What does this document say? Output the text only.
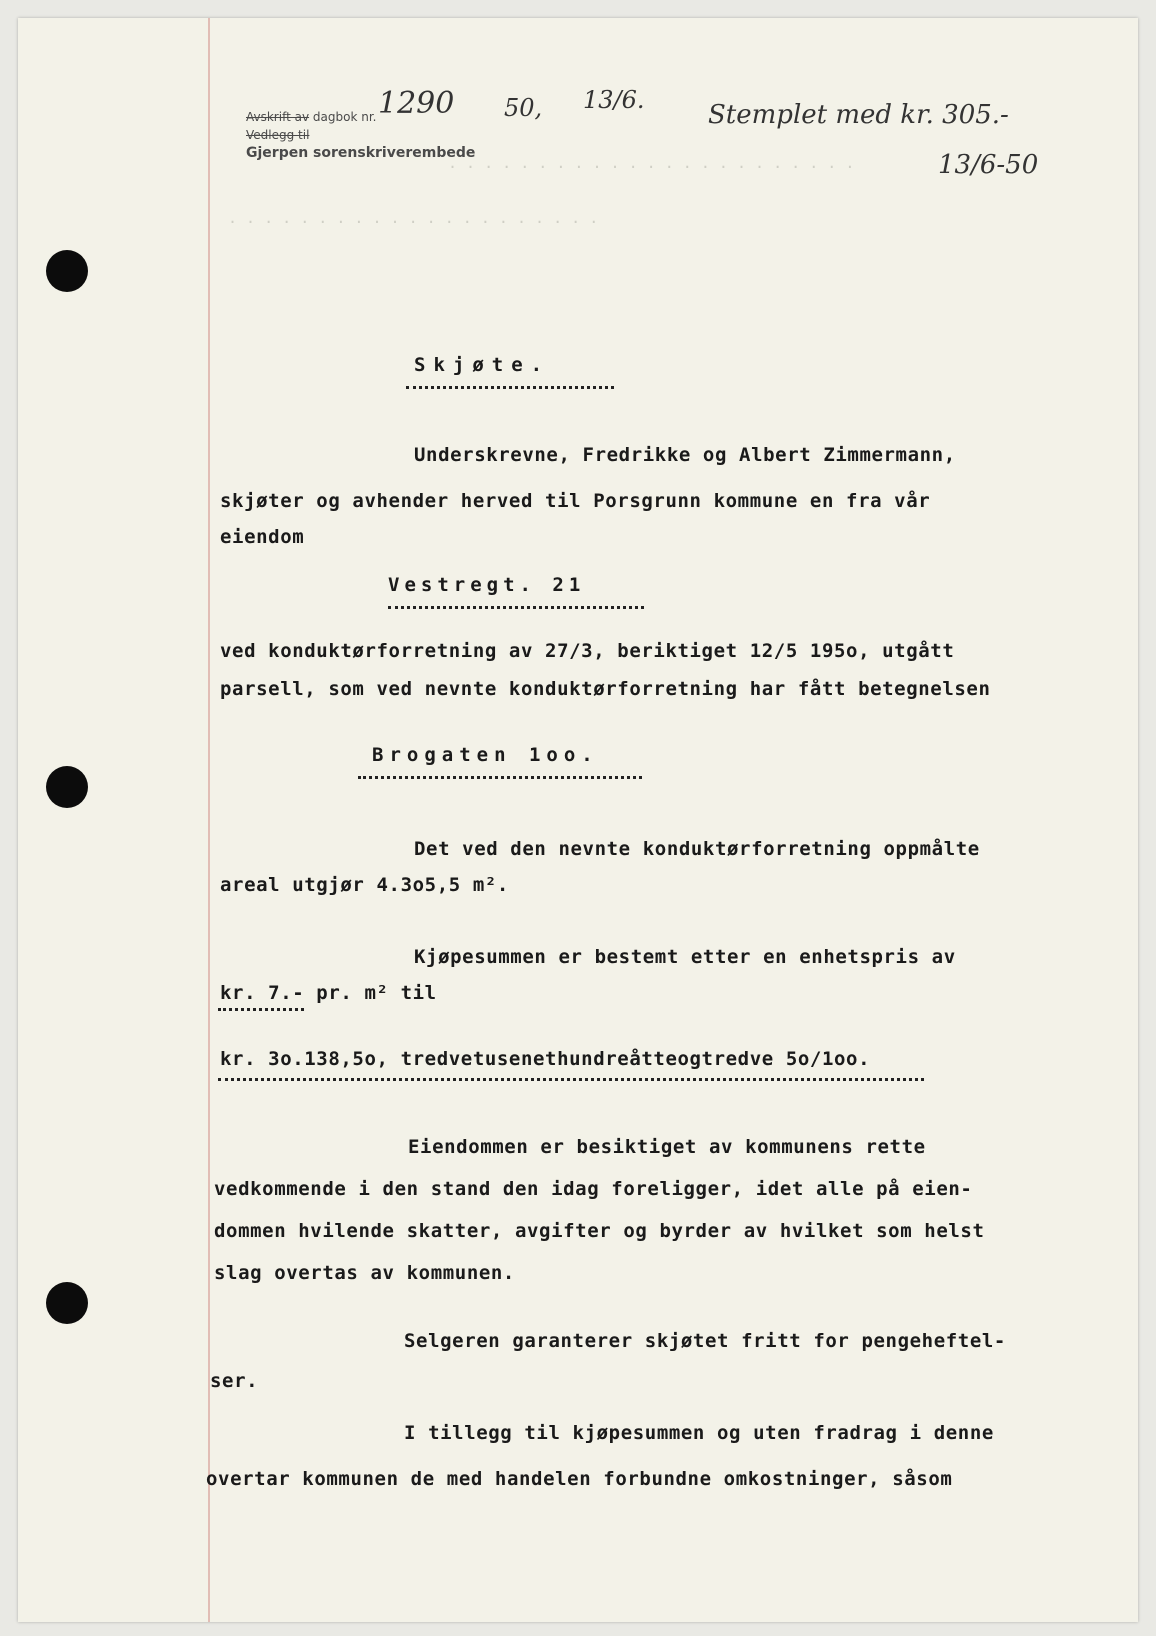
· · · · · · · · · · · · · · · · · · · · · · ·
· · · · · · · · · · · · · · · · · · · · ·
Avskrift av dagbok nr.
Vedlegg til
Gjerpen sorenskriverembede
1290 50, 13/6. Stemplet med kr. 305.-
13/6-50
Skjøte.
Underskrevne, Fredrikke og Albert Zimmermann,
skjøter og avhender herved til Porsgrunn kommune en fra vår
eiendom
Vestregt. 21
ved konduktørforretning av 27/3, beriktiget 12/5 195o, utgått
parsell, som ved nevnte konduktørforretning har fått betegnelsen
Brogaten 1oo.
Det ved den nevnte konduktørforretning oppmålte
areal utgjør 4.3o5,5 m².
Kjøpesummen er bestemt etter en enhetspris av
kr. 7.- pr. m² til
kr. 3o.138,5o, tredvetusenethundreåtteogtredve 5o/1oo.
Eiendommen er besiktiget av kommunens rette
vedkommende i den stand den idag foreligger, idet alle på eien-
dommen hvilende skatter, avgifter og byrder av hvilket som helst
slag overtas av kommunen.
Selgeren garanterer skjøtet fritt for pengeheftel-
ser.
I tillegg til kjøpesummen og uten fradrag i denne
overtar kommunen de med handelen forbundne omkostninger, såsom
